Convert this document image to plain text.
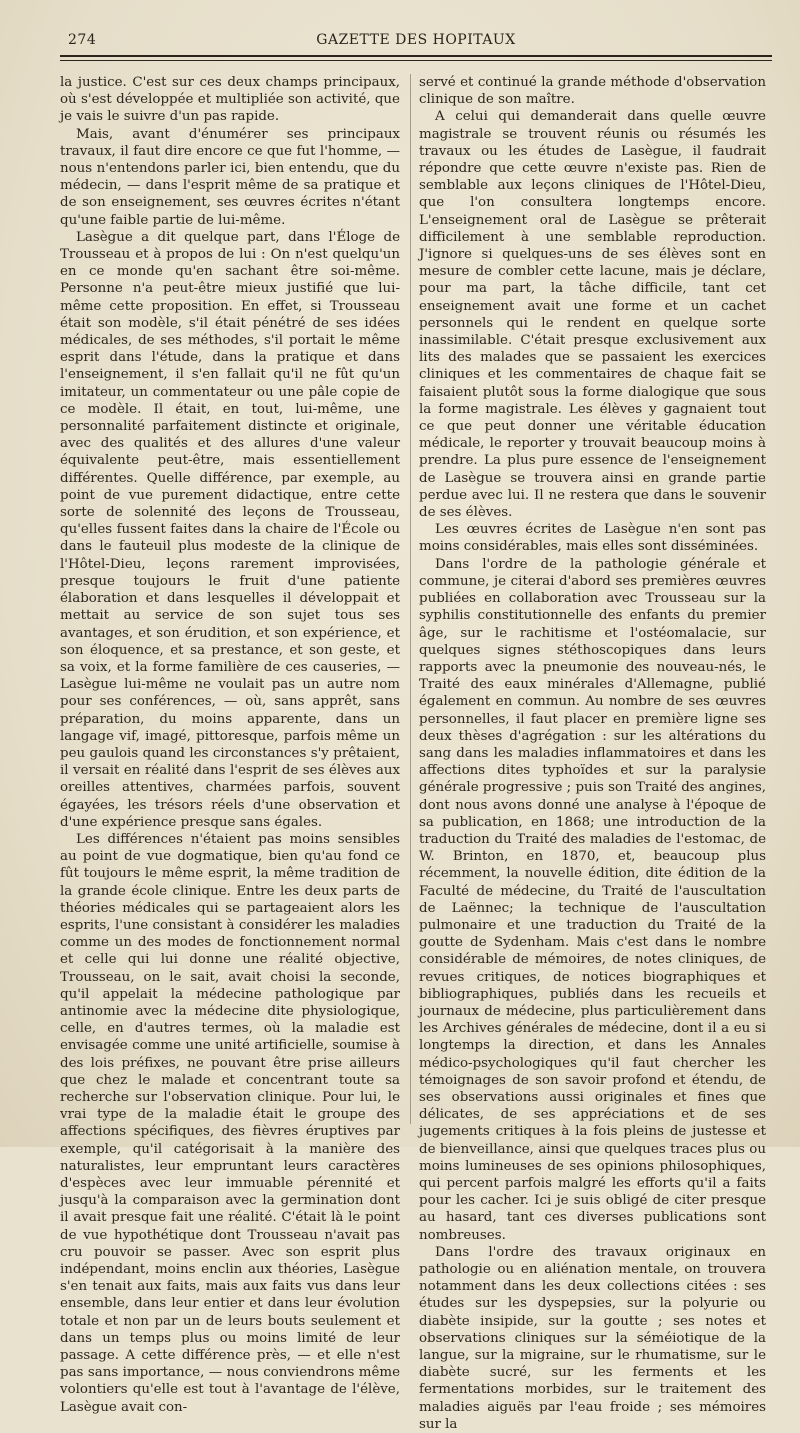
274	GAZETTE DES HOPITAUX

la justice. C'est sur ces deux champs principaux, où s'est développée et multipliée son activité, que je vais le suivre d'un pas rapide.

Mais, avant d'énumérer ses principaux travaux, il faut dire encore ce que fut l'homme, — nous n'entendons parler ici, bien entendu, que du médecin, — dans l'esprit même de sa pratique et de son enseignement, ses œuvres écrites n'étant qu'une faible partie de lui-même.

Lasègue a dit quelque part, dans l'Éloge de Trousseau et à propos de lui : On n'est quelqu'un en ce monde qu'en sachant être soi-même. Personne n'a peut-être mieux justifié que lui-même cette proposition. En effet, si Trousseau était son modèle, s'il était pénétré de ses idées médicales, de ses méthodes, s'il portait le même esprit dans l'étude, dans la pratique et dans l'enseignement, il s'en fallait qu'il ne fût qu'un imitateur, un commentateur ou une pâle copie de ce modèle. Il était, en tout, lui-même, une personnalité parfaitement distincte et originale, avec des qualités et des allures d'une valeur équivalente peut-être, mais essentiellement différentes. Quelle différence, par exemple, au point de vue purement didactique, entre cette sorte de solennité des leçons de Trousseau, qu'elles fussent faites dans la chaire de l'École ou dans le fauteuil plus modeste de la clinique de l'Hôtel-Dieu, leçons rarement improvisées, presque toujours le fruit d'une patiente élaboration et dans lesquelles il développait et mettait au service de son sujet tous ses avantages, et son érudition, et son expérience, et son éloquence, et sa prestance, et son geste, et sa voix, et la forme familière de ces causeries, — Lasègue lui-même ne voulait pas un autre nom pour ses conférences, — où, sans apprêt, sans préparation, du moins apparente, dans un langage vif, imagé, pittoresque, parfois même un peu gaulois quand les circonstances s'y prêtaient, il versait en réalité dans l'esprit de ses élèves aux oreilles attentives, charmées parfois, souvent égayées, les trésors réels d'une observation et d'une expérience presque sans égales.

Les différences n'étaient pas moins sensibles au point de vue dogmatique, bien qu'au fond ce fût toujours le même esprit, la même tradition de la grande école clinique. Entre les deux parts de théories médicales qui se partageaient alors les esprits, l'une consistant à considérer les maladies comme un des modes de fonctionnement normal et celle qui lui donne une réalité objective, Trousseau, on le sait, avait choisi la seconde, qu'il appelait la médecine pathologique par antinomie avec la médecine dite physiologique, celle, en d'autres termes, où la maladie est envisagée comme une unité artificielle, soumise à des lois préfixes, ne pouvant être prise ailleurs que chez le malade et concentrant toute sa recherche sur l'observation clinique. Pour lui, le vrai type de la maladie était le groupe des affections spécifiques, des fièvres éruptives par exemple, qu'il catégorisait à la manière des naturalistes, leur empruntant leurs caractères d'espèces avec leur immuable pérennité et jusqu'à la comparaison avec la germination dont il avait presque fait une réalité. C'était là le point de vue hypothétique dont Trousseau n'avait pas cru pouvoir se passer. Avec son esprit plus indépendant, moins enclin aux théories, Lasègue s'en tenait aux faits, mais aux faits vus dans leur ensemble, dans leur entier et dans leur évolution totale et non par un de leurs bouts seulement et dans un temps plus ou moins limité de leur passage. A cette différence près, — et elle n'est pas sans importance, — nous conviendrons même volontiers qu'elle est tout à l'avantage de l'élève, Lasègue avait con-

servé et continué la grande méthode d'observation clinique de son maître.

A celui qui demanderait dans quelle œuvre magistrale se trouvent réunis ou résumés les travaux ou les études de Lasègue, il faudrait répondre que cette œuvre n'existe pas. Rien de semblable aux leçons cliniques de l'Hôtel-Dieu, que l'on consultera longtemps encore. L'enseignement oral de Lasègue se prêterait difficilement à une semblable reproduction. J'ignore si quelques-uns de ses élèves sont en mesure de combler cette lacune, mais je déclare, pour ma part, la tâche difficile, tant cet enseignement avait une forme et un cachet personnels qui le rendent en quelque sorte inassimilable. C'était presque exclusivement aux lits des malades que se passaient les exercices cliniques et les commentaires de chaque fait se faisaient plutôt sous la forme dialogique que sous la forme magistrale. Les élèves y gagnaient tout ce que peut donner une véritable éducation médicale, le reporter y trouvait beaucoup moins à prendre. La plus pure essence de l'enseignement de Lasègue se trouvera ainsi en grande partie perdue avec lui. Il ne restera que dans le souvenir de ses élèves.

Les œuvres écrites de Lasègue n'en sont pas moins considérables, mais elles sont disséminées.

Dans l'ordre de la pathologie générale et commune, je citerai d'abord ses premières œuvres publiées en collaboration avec Trousseau sur la syphilis constitutionnelle des enfants du premier âge, sur le rachitisme et l'ostéomalacie, sur quelques signes stéthoscopiques dans leurs rapports avec la pneumonie des nouveau-nés, le Traité des eaux minérales d'Allemagne, publié également en commun. Au nombre de ses œuvres personnelles, il faut placer en première ligne ses deux thèses d'agrégation : sur les altérations du sang dans les maladies inflammatoires et dans les affections dites typhoïdes et sur la paralysie générale progressive ; puis son Traité des angines, dont nous avons donné une analyse à l'époque de sa publication, en 1868; une introduction de la traduction du Traité des maladies de l'estomac, de W. Brinton, en 1870, et, beaucoup plus récemment, la nouvelle édition, dite édition de la Faculté de médecine, du Traité de l'auscultation de Laënnec; la technique de l'auscultation pulmonaire et une traduction du Traité de la goutte de Sydenham. Mais c'est dans le nombre considérable de mémoires, de notes cliniques, de revues critiques, de notices biographiques et bibliographiques, publiés dans les recueils et journaux de médecine, plus particulièrement dans les Archives générales de médecine, dont il a eu si longtemps la direction, et dans les Annales médico-psychologiques qu'il faut chercher les témoignages de son savoir profond et étendu, de ses observations aussi originales et fines que délicates, de ses appréciations et de ses jugements critiques à la fois pleins de justesse et de bienveillance, ainsi que quelques traces plus ou moins lumineuses de ses opinions philosophiques, qui percent parfois malgré les efforts qu'il a faits pour les cacher. Ici je suis obligé de citer presque au hasard, tant ces diverses publications sont nombreuses.

Dans l'ordre des travaux originaux en pathologie ou en aliénation mentale, on trouvera notamment dans les deux collections citées : ses études sur les dyspepsies, sur la polyurie ou diabète insipide, sur la goutte ; ses notes et observations cliniques sur la séméiotique de la langue, sur la migraine, sur le rhumatisme, sur le diabète sucré, sur les ferments et les fermentations morbides, sur le traitement des maladies aiguës par l'eau froide ; ses mémoires sur la
